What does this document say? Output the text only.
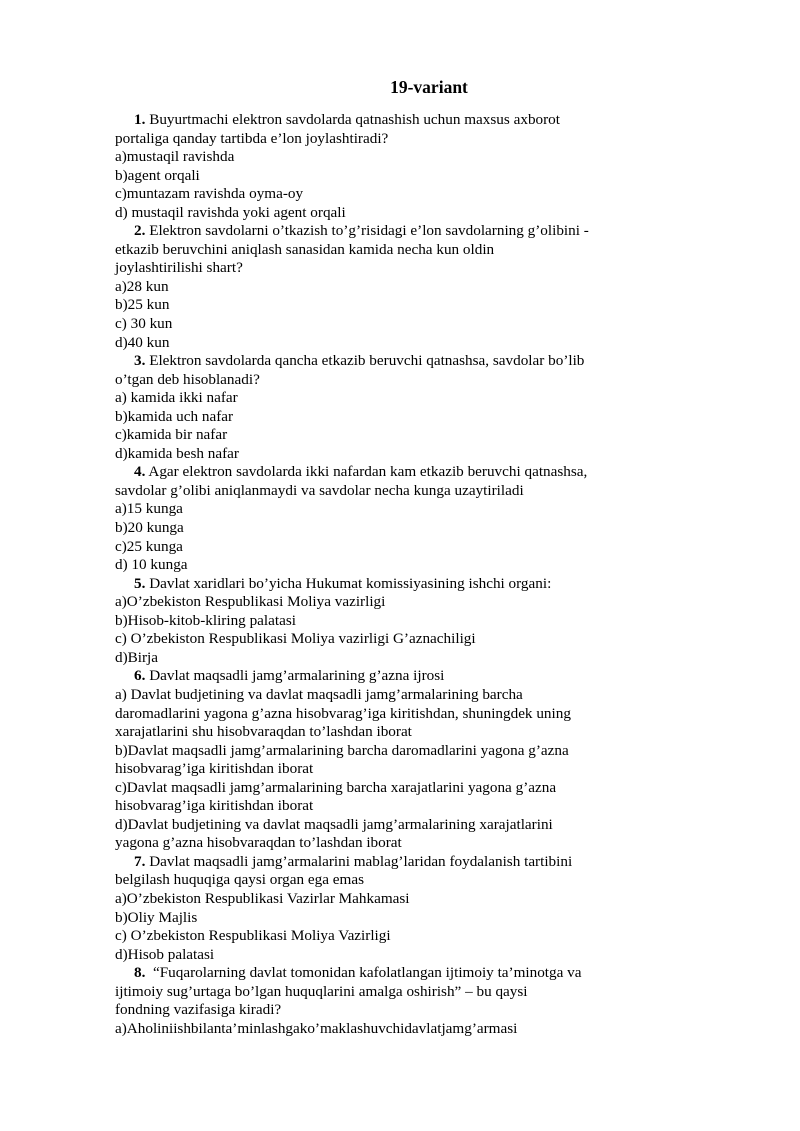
19-variant
1. Buyurtmachi elektron savdolarda qatnashish uchun maxsus axborot
portaliga qanday tartibda e’lon joylashtiradi?
a)mustaqil ravishda
b)agent orqali
c)muntazam ravishda oyma-oy
d) mustaqil ravishda yoki agent orqali
2. Elektron savdolarni o’tkazish to’g’risidagi e’lon savdolarning g’olibini -
etkazib beruvchini aniqlash sanasidan kamida necha kun oldin
joylashtirilishi shart?
a)28 kun
b)25 kun
c) 30 kun
d)40 kun
3. Elektron savdolarda qancha etkazib beruvchi qatnashsa, savdolar bo’lib
o’tgan deb hisoblanadi?
a) kamida ikki nafar
b)kamida uch nafar
c)kamida bir nafar
d)kamida besh nafar
4. Agar elektron savdolarda ikki nafardan kam etkazib beruvchi qatnashsa,
savdolar g’olibi aniqlanmaydi va savdolar necha kunga uzaytiriladi
a)15 kunga
b)20 kunga
c)25 kunga
d) 10 kunga
5. Davlat xaridlari bo’yicha Hukumat komissiyasining ishchi organi:
a)O’zbekiston Respublikasi Moliya vazirligi
b)Hisob-kitob-kliring palatasi
c) O’zbekiston Respublikasi Moliya vazirligi G’aznachiligi
d)Birja
6. Davlat maqsadli jamg’armalarining g’azna ijrosi
a) Davlat budjetining va davlat maqsadli jamg’armalarining barcha
daromadlarini yagona g’azna hisobvarag’iga kiritishdan, shuningdek uning
xarajatlarini shu hisobvaraqdan to’lashdan iborat
b)Davlat maqsadli jamg’armalarining barcha daromadlarini yagona g’azna
hisobvarag’iga kiritishdan iborat
c)Davlat maqsadli jamg’armalarining barcha xarajatlarini yagona g’azna
hisobvarag’iga kiritishdan iborat
d)Davlat budjetining va davlat maqsadli jamg’armalarining xarajatlarini
yagona g’azna hisobvaraqdan to’lashdan iborat
7. Davlat maqsadli jamg’armalarini mablag’laridan foydalanish tartibini
belgilash huquqiga qaysi organ ega emas
a)O’zbekiston Respublikasi Vazirlar Mahkamasi
b)Oliy Majlis
c) O’zbekiston Respublikasi Moliya Vazirligi
d)Hisob palatasi
8.  “Fuqarolarning davlat tomonidan kafolatlangan ijtimoiy ta’minotga va
ijtimoiy sug’urtaga bo’lgan huquqlarini amalga oshirish” – bu qaysi
fondning vazifasiga kiradi?
a)Aholiniishbilanta’minlashgako’maklashuvchidavlatjamg’armasi
